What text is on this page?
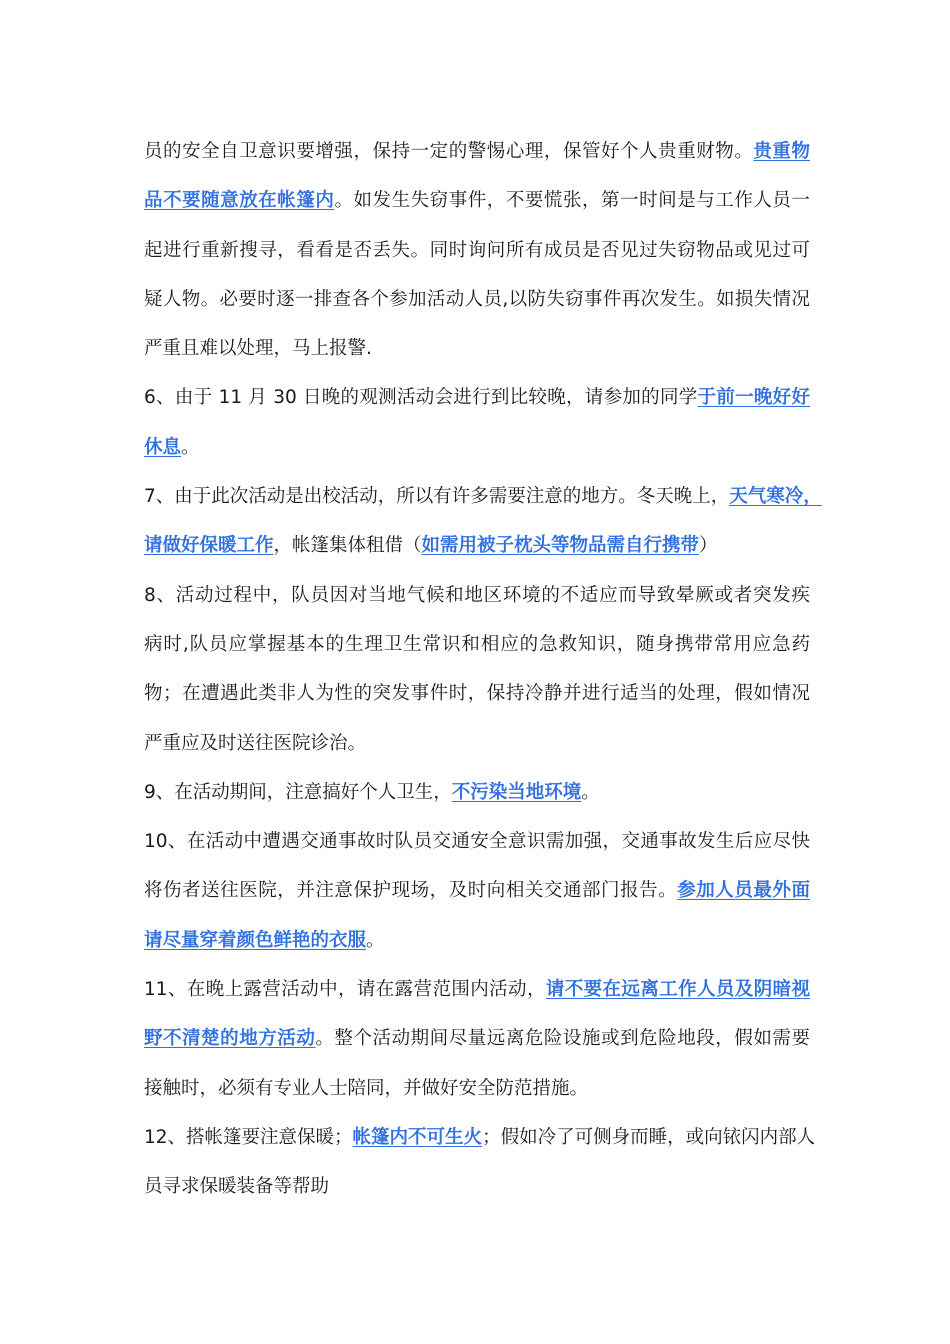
员的安全自卫意识要增强，保持一定的警惕心理，保管好个人贵重财物。贵重物
品不要随意放在帐篷内。如发生失窃事件，不要慌张，第一时间是与工作人员一
起进行重新搜寻，看看是否丢失。同时询问所有成员是否见过失窃物品或见过可
疑人物。必要时逐一排查各个参加活动人员,以防失窃事件再次发生。如损失情况
严重且难以处理，马上报警.
6、由于 11 月 30 日晚的观测活动会进行到比较晚，请参加的同学于前一晚好好
休息。
7、由于此次活动是出校活动，所以有许多需要注意的地方。冬天晚上，天气寒冷，
请做好保暖工作，帐篷集体租借（如需用被子枕头等物品需自行携带）
8、活动过程中，队员因对当地气候和地区环境的不适应而导致晕厥或者突发疾
病时,队员应掌握基本的生理卫生常识和相应的急救知识，随身携带常用应急药
物；在遭遇此类非人为性的突发事件时，保持冷静并进行适当的处理，假如情况
严重应及时送往医院诊治。
9、在活动期间，注意搞好个人卫生，不污染当地环境。
10、在活动中遭遇交通事故时队员交通安全意识需加强，交通事故发生后应尽快
将伤者送往医院，并注意保护现场，及时向相关交通部门报告。参加人员最外面
请尽量穿着颜色鲜艳的衣服。
11、在晚上露营活动中，请在露营范围内活动，请不要在远离工作人员及阴暗视
野不清楚的地方活动。整个活动期间尽量远离危险设施或到危险地段，假如需要
接触时，必须有专业人士陪同，并做好安全防范措施。
12、搭帐篷要注意保暖；帐篷内不可生火；假如冷了可侧身而睡，或向铱闪内部人
员寻求保暖装备等帮助
